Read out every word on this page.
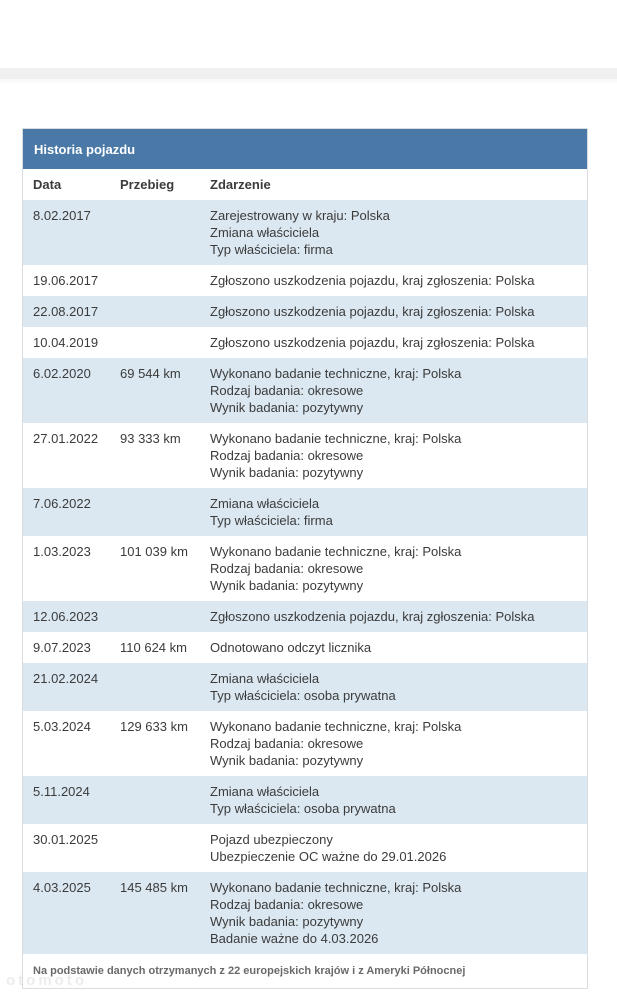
Historia pojazdu
Data	Przebieg	Zdarzenie
8.02.2017	Zarejestrowany w kraju: Polska
Zmiana właściciela
Typ właściciela: firma
19.06.2017	Zgłoszono uszkodzenia pojazdu, kraj zgłoszenia: Polska
22.08.2017	Zgłoszono uszkodzenia pojazdu, kraj zgłoszenia: Polska
10.04.2019	Zgłoszono uszkodzenia pojazdu, kraj zgłoszenia: Polska
6.02.2020	69 544 km	Wykonano badanie techniczne, kraj: Polska
Rodzaj badania: okresowe
Wynik badania: pozytywny
27.01.2022	93 333 km	Wykonano badanie techniczne, kraj: Polska
Rodzaj badania: okresowe
Wynik badania: pozytywny
7.06.2022	Zmiana właściciela
Typ właściciela: firma
1.03.2023	101 039 km	Wykonano badanie techniczne, kraj: Polska
Rodzaj badania: okresowe
Wynik badania: pozytywny
12.06.2023	Zgłoszono uszkodzenia pojazdu, kraj zgłoszenia: Polska
9.07.2023	110 624 km	Odnotowano odczyt licznika
21.02.2024	Zmiana właściciela
Typ właściciela: osoba prywatna
5.03.2024	129 633 km	Wykonano badanie techniczne, kraj: Polska
Rodzaj badania: okresowe
Wynik badania: pozytywny
5.11.2024	Zmiana właściciela
Typ właściciela: osoba prywatna
30.01.2025	Pojazd ubezpieczony
Ubezpieczenie OC ważne do 29.01.2026
4.03.2025	145 485 km	Wykonano badanie techniczne, kraj: Polska
Rodzaj badania: okresowe
Wynik badania: pozytywny
Badanie ważne do 4.03.2026
Na podstawie danych otrzymanych z 22 europejskich krajów i z Ameryki Północnej
otomoto
